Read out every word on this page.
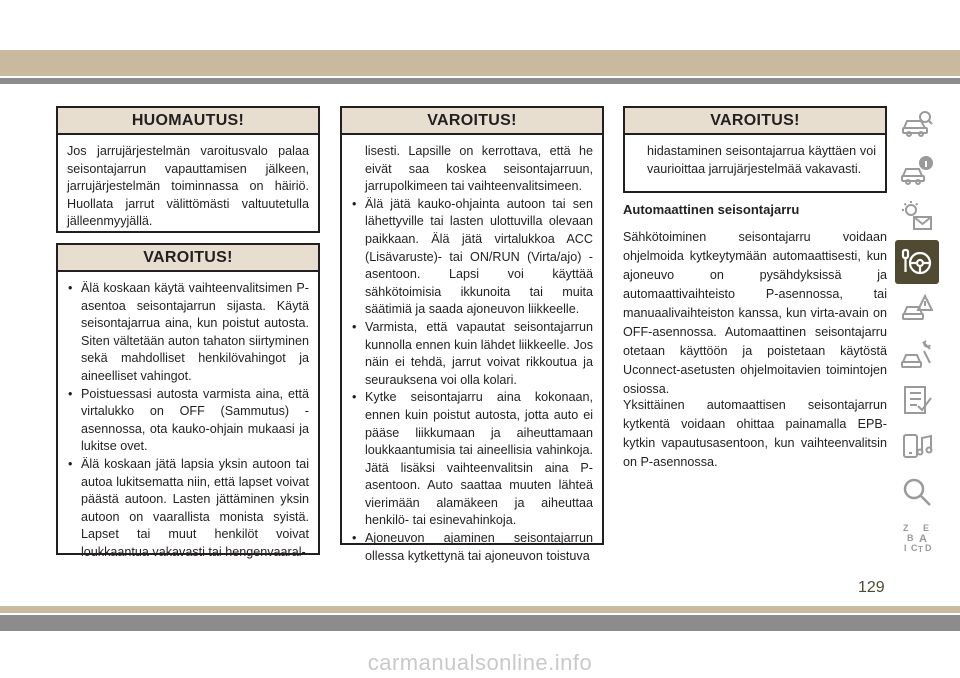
HUOMAUTUS!

Jos jarrujärjestelmän varoitusvalo palaa seisontajarrun vapauttamisen jälkeen, jarrujärjestelmän toiminnassa on häiriö. Huollata jarrut välittömästi valtuutetulla jälleenmyyjällä.

VAROITUS!
• Älä koskaan käytä vaihteenvalitsimen P-asentoa seisontajarrun sijasta. Käytä seisontajarrua aina, kun poistut autosta. Siten vältetään auton tahaton siirtyminen sekä mahdolliset henkilövahingot ja aineelliset vahingot.
• Poistuessasi autosta varmista aina, että virtalukko on OFF (Sammutus) -asennossa, ota kauko-ohjain mukaasi ja lukitse ovet.
• Älä koskaan jätä lapsia yksin autoon tai autoa lukitsematta niin, että lapset voivat päästä autoon. Lasten jättäminen yksin autoon on vaarallista monista syistä. Lapset tai muut henkilöt voivat loukkaantua vakavasti tai hengenvaaral-
VAROITUS!

lisesti. Lapsille on kerrottava, että he eivät saa koskea seisontajarruun, jarrupolkimeen tai vaihteenvalitsimeen.

• Älä jätä kauko-ohjainta autoon tai sen lähettyville tai lasten ulottuvilla olevaan paikkaan. Älä jätä virtalukkoa ACC (Lisävaruste)- tai ON/RUN (Virta/ajo) -asentoon. Lapsi voi käyttää sähkötoimisia ikkunoita tai muita säätimiä ja saada ajoneuvon liikkeelle.
• Varmista, että vapautat seisontajarrun kunnolla ennen kuin lähdet liikkeelle. Jos näin ei tehdä, jarrut voivat rikkoutua ja seurauksena voi olla kolari.
• Kytke seisontajarru aina kokonaan, ennen kuin poistut autosta, jotta auto ei pääse liikkumaan ja aiheuttamaan loukkaantumisia tai aineellisia vahinkoja. Jätä lisäksi vaihteenvalitsin aina P-asentoon. Auto saattaa muuten lähteä vierimään alamäkeen ja aiheuttaa henkilö- tai esinevahinkoja.
• Ajoneuvon ajaminen seisontajarrun ollessa kytkettynä tai ajoneuvon toistuva
VAROITUS!

hidastaminen seisontajarrua käyttäen voi vaurioittaa jarrujärjestelmää vakavasti.

Automaattinen seisontajarru

Sähkötoiminen seisontajarru voidaan ohjelmoida kytkeytymään automaattisesti, kun ajoneuvo on pysähdyksissä ja automaattivaihteisto P-asennossa, tai manuaalivaihteiston kanssa, kun virta-avain on OFF-asennossa. Automaattinen seisontajarru otetaan käyttöön ja poistetaan käytöstä Uconnect-asetusten ohjelmoitavien toimintojen osiossa.

Yksittäinen automaattisen seisontajarrun kytkentä voidaan ohittaa painamalla EPB-kytkin vapautusasentoon, kun vaihteenvalitsin on P-asennossa.

Z E
B A
I C T D
129
carmanualsonline.info
